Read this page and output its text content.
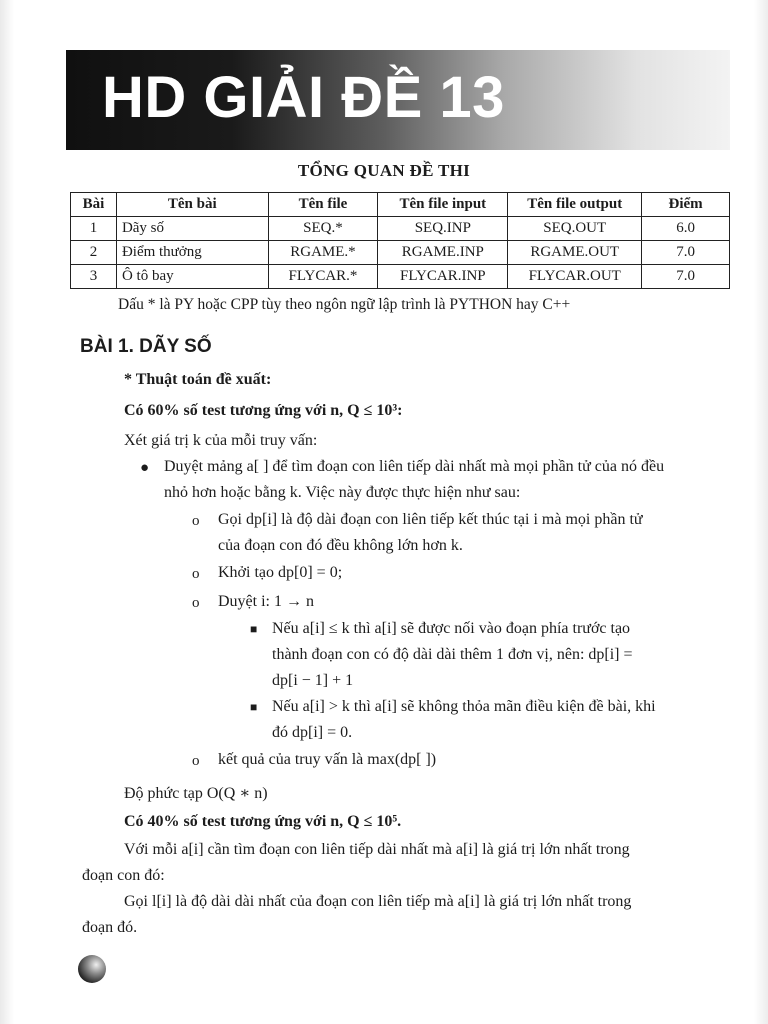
HD GIẢI ĐỀ 13
TỔNG QUAN ĐỀ THI
Bài	Tên bài	Tên file	Tên file input	Tên file output	Điểm
1	Dãy số	SEQ.*	SEQ.INP	SEQ.OUT	6.0
2	Điểm thưởng	RGAME.*	RGAME.INP	RGAME.OUT	7.0
3	Ô tô bay	FLYCAR.*	FLYCAR.INP	FLYCAR.OUT	7.0
Dấu * là PY hoặc CPP tùy theo ngôn ngữ lập trình là PYTHON hay C++
BÀI 1. DÃY SỐ
* Thuật toán đề xuất:
Có 60% số test tương ứng với n, Q ≤ 10³:
Xét giá trị k của mỗi truy vấn:
● Duyệt mảng a[ ] để tìm đoạn con liên tiếp dài nhất mà mọi phần tử của nó đều
nhỏ hơn hoặc bằng k. Việc này được thực hiện như sau:
o Gọi dp[i] là độ dài đoạn con liên tiếp kết thúc tại i mà mọi phần tử
của đoạn con đó đều không lớn hơn k.
o Khởi tạo dp[0] = 0;
o Duyệt i: 1 → n
■ Nếu a[i] ≤ k thì a[i] sẽ được nối vào đoạn phía trước tạo
thành đoạn con có độ dài dài thêm 1 đơn vị, nên: dp[i] =
dp[i − 1] + 1
■ Nếu a[i] > k thì a[i] sẽ không thỏa mãn điều kiện đề bài, khi
đó dp[i] = 0.
o kết quả của truy vấn là max(dp[ ])
Độ phức tạp O(Q ∗ n)
Có 40% số test tương ứng với n, Q ≤ 10⁵.
Với mỗi a[i] cần tìm đoạn con liên tiếp dài nhất mà a[i] là giá trị lớn nhất trong
đoạn con đó:
Gọi l[i] là độ dài dài nhất của đoạn con liên tiếp mà a[i] là giá trị lớn nhất trong
đoạn đó.
